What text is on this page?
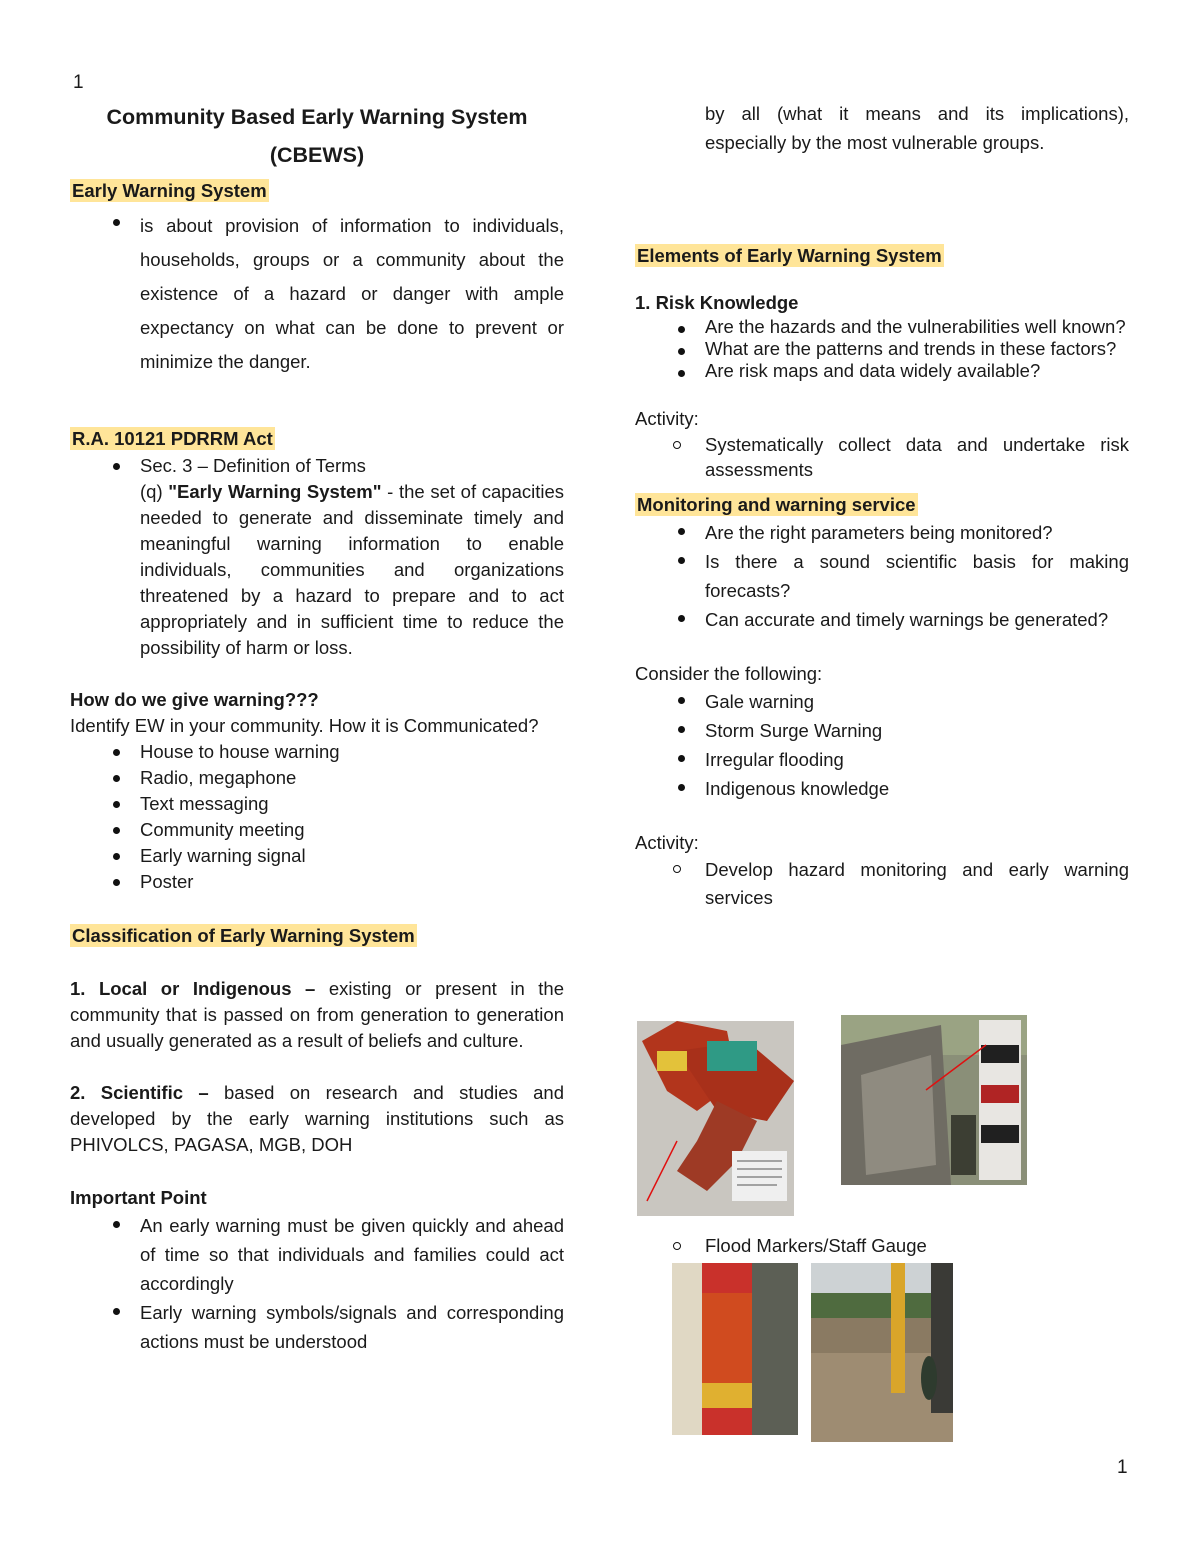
1
1
Community Based Early Warning System
(CBEWS)
Early Warning System
is about provision of information to individuals, households, groups or a community about the existence of a hazard or danger with ample expectancy on what can be done to prevent or minimize the danger.
R.A. 10121 PDRRM Act
Sec. 3 – Definition of Terms
(q) "Early Warning System" - the set of capacities needed to generate and disseminate timely and meaningful warning information to enable individuals, communities and organizations threatened by a hazard to prepare and to act appropriately and in sufficient time to reduce the possibility of harm or loss.
How do we give warning???
Identify EW in your community. How it is Communicated?
House to house warning
Radio, megaphone
Text messaging
Community meeting
Early warning signal
Poster
Classification of Early Warning System
1. Local or Indigenous – existing or present in the community that is passed on from generation to generation and usually generated as a result of beliefs and culture.
2. Scientific – based on research and studies and developed by the early warning institutions such as PHIVOLCS, PAGASA, MGB, DOH
Important Point
An early warning must be given quickly and ahead of time so that individuals and families could act accordingly
Early warning symbols/signals and corresponding actions must be understood
by all (what it means and its implications), especially by the most vulnerable groups.
Elements of Early Warning System
1. Risk Knowledge
Are the hazards and the vulnerabilities well known?
What are the patterns and trends in these factors?
Are risk maps and data widely available?
Activity:
Systematically collect data and undertake risk assessments
Monitoring and warning service
Are the right parameters being monitored?
Is there a sound scientific basis for making forecasts?
Can accurate and timely warnings be generated?
Consider the following:
Gale warning
Storm Surge Warning
Irregular flooding
Indigenous knowledge
Activity:
Develop hazard monitoring and early warning services
Flood Markers/Staff Gauge
